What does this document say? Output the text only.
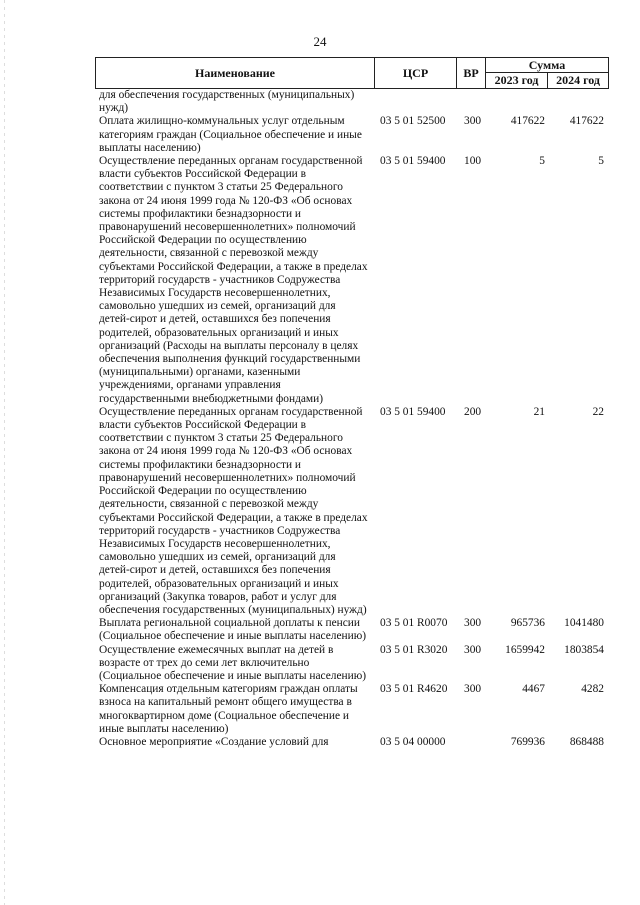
24
Наименование	ЦСР	ВР
Сумма
2023 год	2024 год
для обеспечения государственных (муниципальных) нужд)
Оплата жилищно-коммунальных услуг отдельным категориям граждан (Социальное обеспечение и иные выплаты населению)
03 5 01 52500 300	417622	417622
Осуществление переданных органам государственной власти субъектов Российской Федерации в соответствии с пунктом 3 статьи 25 Федерального закона от 24 июня 1999 года № 120-ФЗ «Об основах системы профилактики безнадзорности и правонарушений несовершеннолетних» полномочий Российской Федерации по осуществлению деятельности, связанной с перевозкой между субъектами Российской Федерации, а также в пределах территорий государств - участников Содружества Независимых Государств несовершеннолетних, самовольно ушедших из семей, организаций для детей-сирот и детей, оставшихся без попечения родителей, образовательных организаций и иных организаций (Расходы на выплаты персоналу в целях обеспечения выполнения функций государственными (муниципальными) органами, казенными учреждениями, органами управления государственными внебюджетными фондами)
03 5 01 59400 100	5	5
Осуществление переданных органам государственной власти субъектов Российской Федерации в соответствии с пунктом 3 статьи 25 Федерального закона от 24 июня 1999 года № 120-ФЗ «Об основах системы профилактики безнадзорности и правонарушений несовершеннолетних» полномочий Российской Федерации по осуществлению деятельности, связанной с перевозкой между субъектами Российской Федерации, а также в пределах территорий государств - участников Содружества Независимых Государств несовершеннолетних, самовольно ушедших из семей, организаций для детей-сирот и детей, оставшихся без попечения родителей, образовательных организаций и иных организаций (Закупка товаров, работ и услуг для обеспечения государственных (муниципальных) нужд)
03 5 01 59400 200	21	22
Выплата региональной социальной доплаты к пенсии (Социальное обеспечение и иные выплаты населению)
03 5 01 R0070 300	965736	1041480
Осуществление ежемесячных выплат на детей в возрасте от трех до семи лет включительно (Социальное обеспечение и иные выплаты населению)
03 5 01 R3020 300	1659942	1803854
Компенсация отдельным категориям граждан оплаты взноса на капитальный ремонт общего имущества в многоквартирном доме (Социальное обеспечение и иные выплаты населению)
03 5 01 R4620 300	4467	4282
Основное мероприятие «Создание условий для	03 5 04 00000	769936	868488
